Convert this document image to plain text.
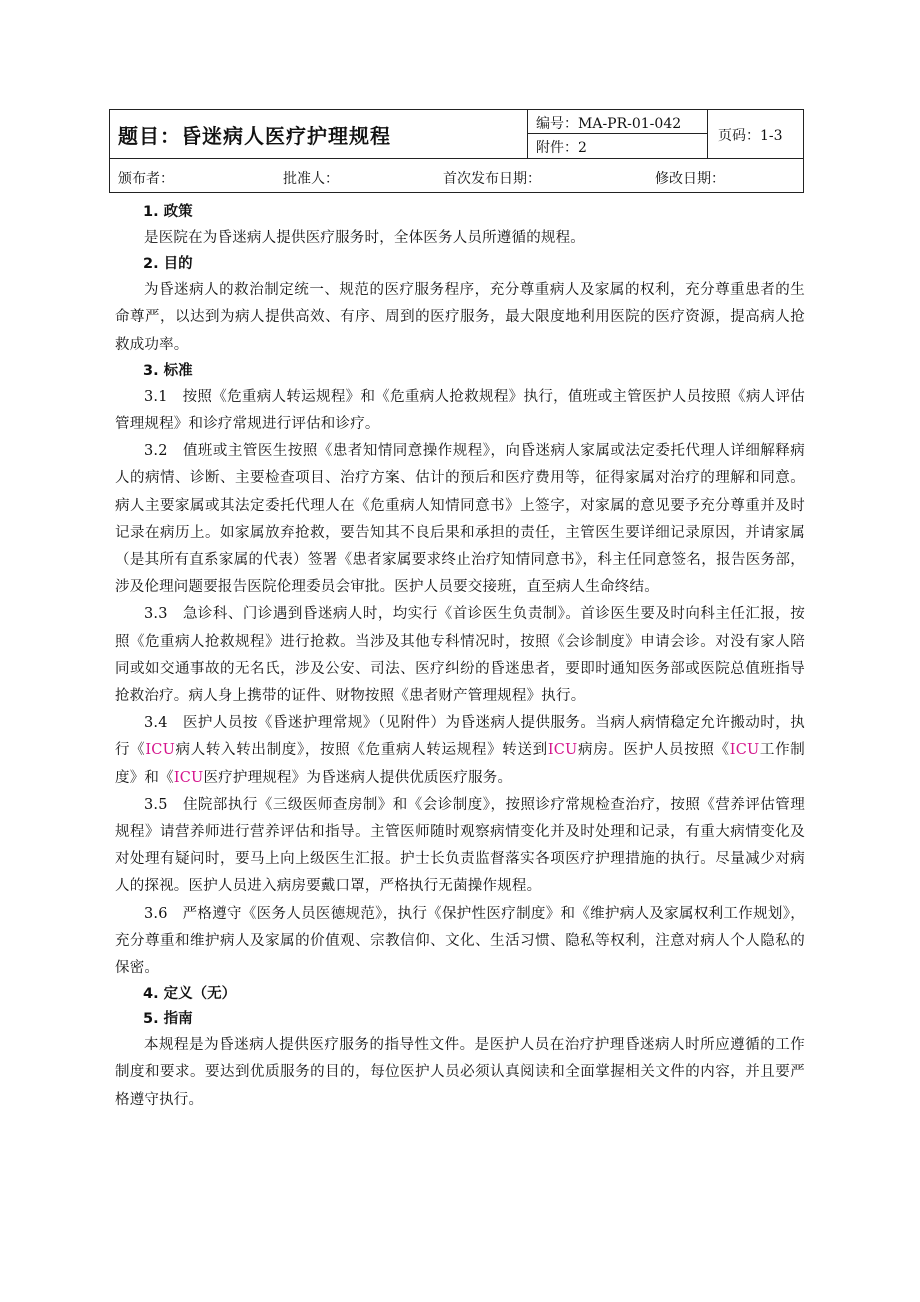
题目：昏迷病人医疗护理规程	编号：MA-PR-01-042
附件：2
页码：1-3
颁布者：	批准人：	首次发布日期：	修改日期：

1. 政策

是医院在为昏迷病人提供医疗服务时，全体医务人员所遵循的规程。

2. 目的

为昏迷病人的救治制定统一、规范的医疗服务程序，充分尊重病人及家属的权利，充分尊重患者的生命尊严，以达到为病人提供高效、有序、周到的医疗服务，最大限度地利用医院的医疗资源，提高病人抢救成功率。

3. 标准

3.1　按照《危重病人转运规程》和《危重病人抢救规程》执行，值班或主管医护人员按照《病人评估管理规程》和诊疗常规进行评估和诊疗。

3.2　值班或主管医生按照《患者知情同意操作规程》，向昏迷病人家属或法定委托代理人详细解释病人的病情、诊断、主要检查项目、治疗方案、估计的预后和医疗费用等，征得家属对治疗的理解和同意。病人主要家属或其法定委托代理人在《危重病人知情同意书》上签字，对家属的意见要予充分尊重并及时记录在病历上。如家属放弃抢救，要告知其不良后果和承担的责任，主管医生要详细记录原因，并请家属（是其所有直系家属的代表）签署《患者家属要求终止治疗知情同意书》，科主任同意签名，报告医务部，涉及伦理问题要报告医院伦理委员会审批。医护人员要交接班，直至病人生命终结。

3.3　急诊科、门诊遇到昏迷病人时，均实行《首诊医生负责制》。首诊医生要及时向科主任汇报，按照《危重病人抢救规程》进行抢救。当涉及其他专科情况时，按照《会诊制度》申请会诊。对没有家人陪同或如交通事故的无名氏，涉及公安、司法、医疗纠纷的昏迷患者，要即时通知医务部或医院总值班指导抢救治疗。病人身上携带的证件、财物按照《患者财产管理规程》执行。

3.4　医护人员按《昏迷护理常规》（见附件）为昏迷病人提供服务。当病人病情稳定允许搬动时，执行《ICU病人转入转出制度》，按照《危重病人转运规程》转送到ICU病房。医护人员按照《ICU工作制度》和《ICU医疗护理规程》为昏迷病人提供优质医疗服务。

3.5　住院部执行《三级医师查房制》和《会诊制度》，按照诊疗常规检查治疗，按照《营养评估管理规程》请营养师进行营养评估和指导。主管医师随时观察病情变化并及时处理和记录，有重大病情变化及对处理有疑问时，要马上向上级医生汇报。护士长负责监督落实各项医疗护理措施的执行。尽量减少对病人的探视。医护人员进入病房要戴口罩，严格执行无菌操作规程。

3.6　严格遵守《医务人员医德规范》，执行《保护性医疗制度》和《维护病人及家属权利工作规划》，充分尊重和维护病人及家属的价值观、宗教信仰、文化、生活习惯、隐私等权利，注意对病人个人隐私的保密。

4. 定义（无）

5. 指南

本规程是为昏迷病人提供医疗服务的指导性文件。是医护人员在治疗护理昏迷病人时所应遵循的工作制度和要求。要达到优质服务的目的，每位医护人员必须认真阅读和全面掌握相关文件的内容，并且要严格遵守执行。
